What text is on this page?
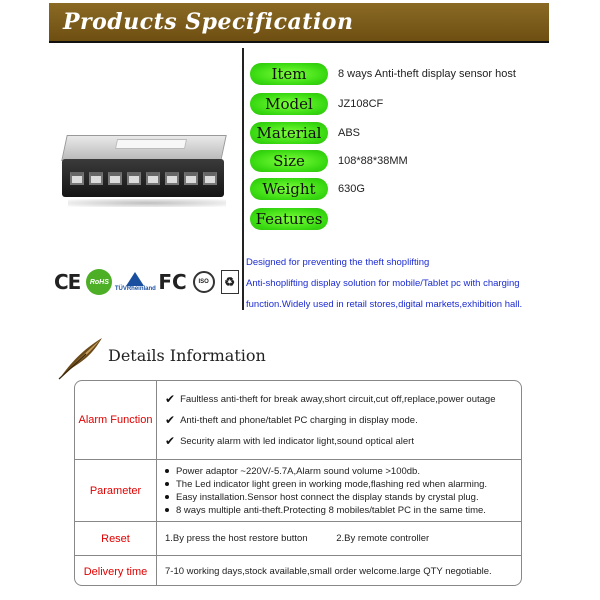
Products Specification
CE	RoHS
TÜVRheinland FC	ISO	♻
Item	8 ways Anti-theft display sensor host
Model	JZ108CF
Material	ABS
Size	108*88*38MM
Weight	630G
Features
Designed for preventing the theft shoplifting
Anti-shoplifting display solution for mobile/Tablet pc with charging
function.Widely used in retail stores,digital markets,exhibition hall.
Details Information
Alarm Function
✔ Faultless anti-theft for break away,short circuit,cut off,replace,power outage
✔ Anti-theft and phone/tablet PC charging in display mode.
✔ Security alarm with led indicator light,sound optical alert
Parameter
Power adaptor ~220V/-5.7A,Alarm sound volume >100db.
The Led indicator light green in working mode,flashing red when alarming.
Easy installation.Sensor host connect the display stands by crystal plug.
8 ways multiple anti-theft.Protecting 8 mobiles/tablet PC in the same time.
Reset	1.By press the host restore button	2.By remote controller
Delivery time	7-10 working days,stock available,small order welcome.large QTY negotiable.
